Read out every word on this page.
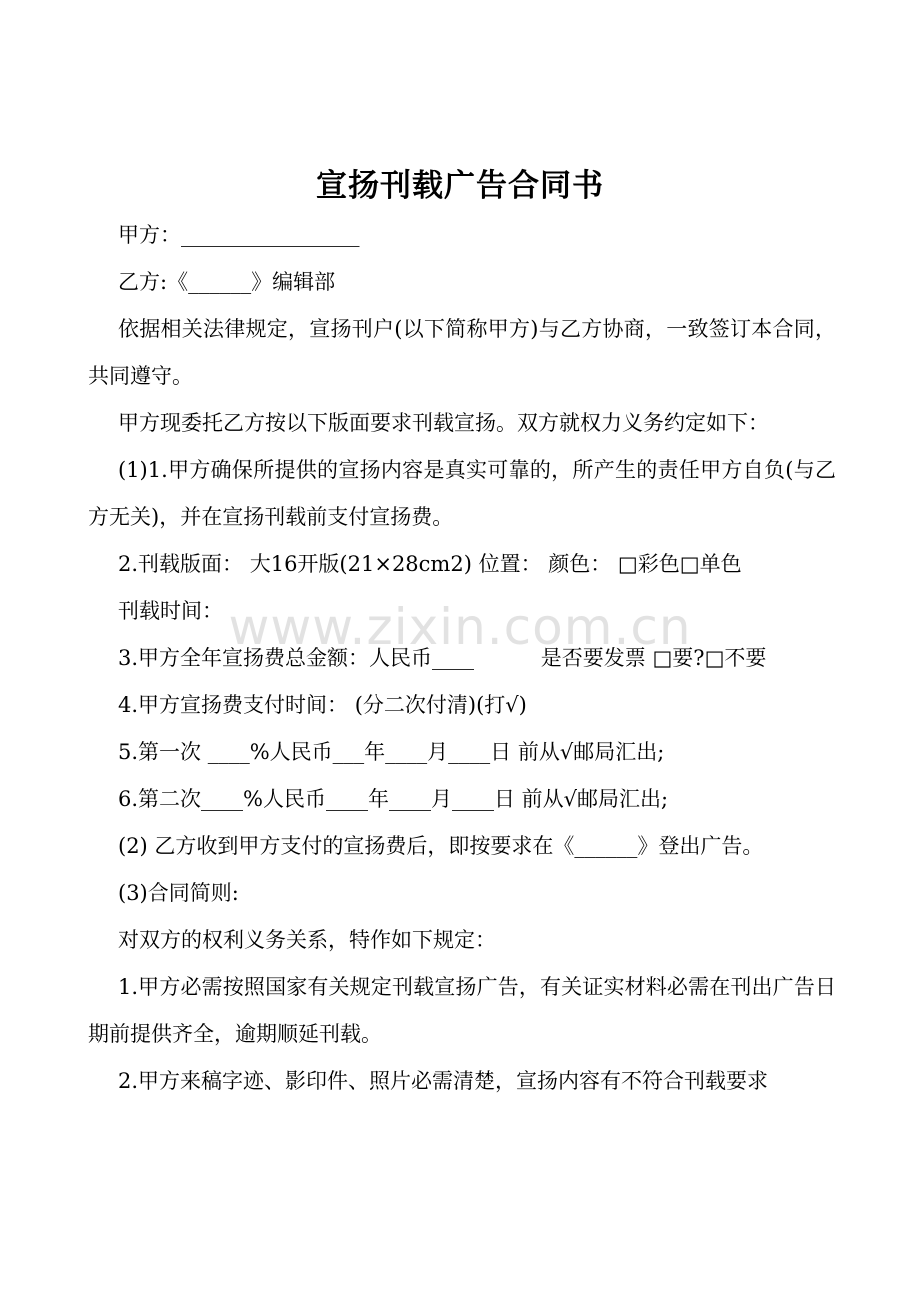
宣扬刊载广告合同书

甲方：_________________

乙方:《______》编辑部

依据相关法律规定，宣扬刊户(以下简称甲方)与乙方协商，一致签订本合同，共同遵守。

甲方现委托乙方按以下版面要求刊载宣扬。双方就权力义务约定如下：

(1)1.甲方确保所提供的宣扬内容是真实可靠的，所产生的责任甲方自负(与乙方无关)，并在宣扬刊载前支付宣扬费。

2.刊载版面： 大16开版(21×28cm2) 位置： 颜色： □彩色□单色

刊载时间：

3.甲方全年宣扬费总金额：人民币____          是否要发票 □要?□不要

4.甲方宣扬费支付时间： (分二次付清)(打√)

5.第一次 ____%人民币___年____月____日 前从√邮局汇出;

6.第二次____%人民币____年____月____日 前从√邮局汇出;

(2) 乙方收到甲方支付的宣扬费后，即按要求在《______》登出广告。

(3)合同简则:

对双方的权利义务关系，特作如下规定：

1.甲方必需按照国家有关规定刊载宣扬广告，有关证实材料必需在刊出广告日期前提供齐全，逾期顺延刊载。

2.甲方来稿字迹、影印件、照片必需清楚，宣扬内容有不符合刊载要求

www.zixin.com.cn
